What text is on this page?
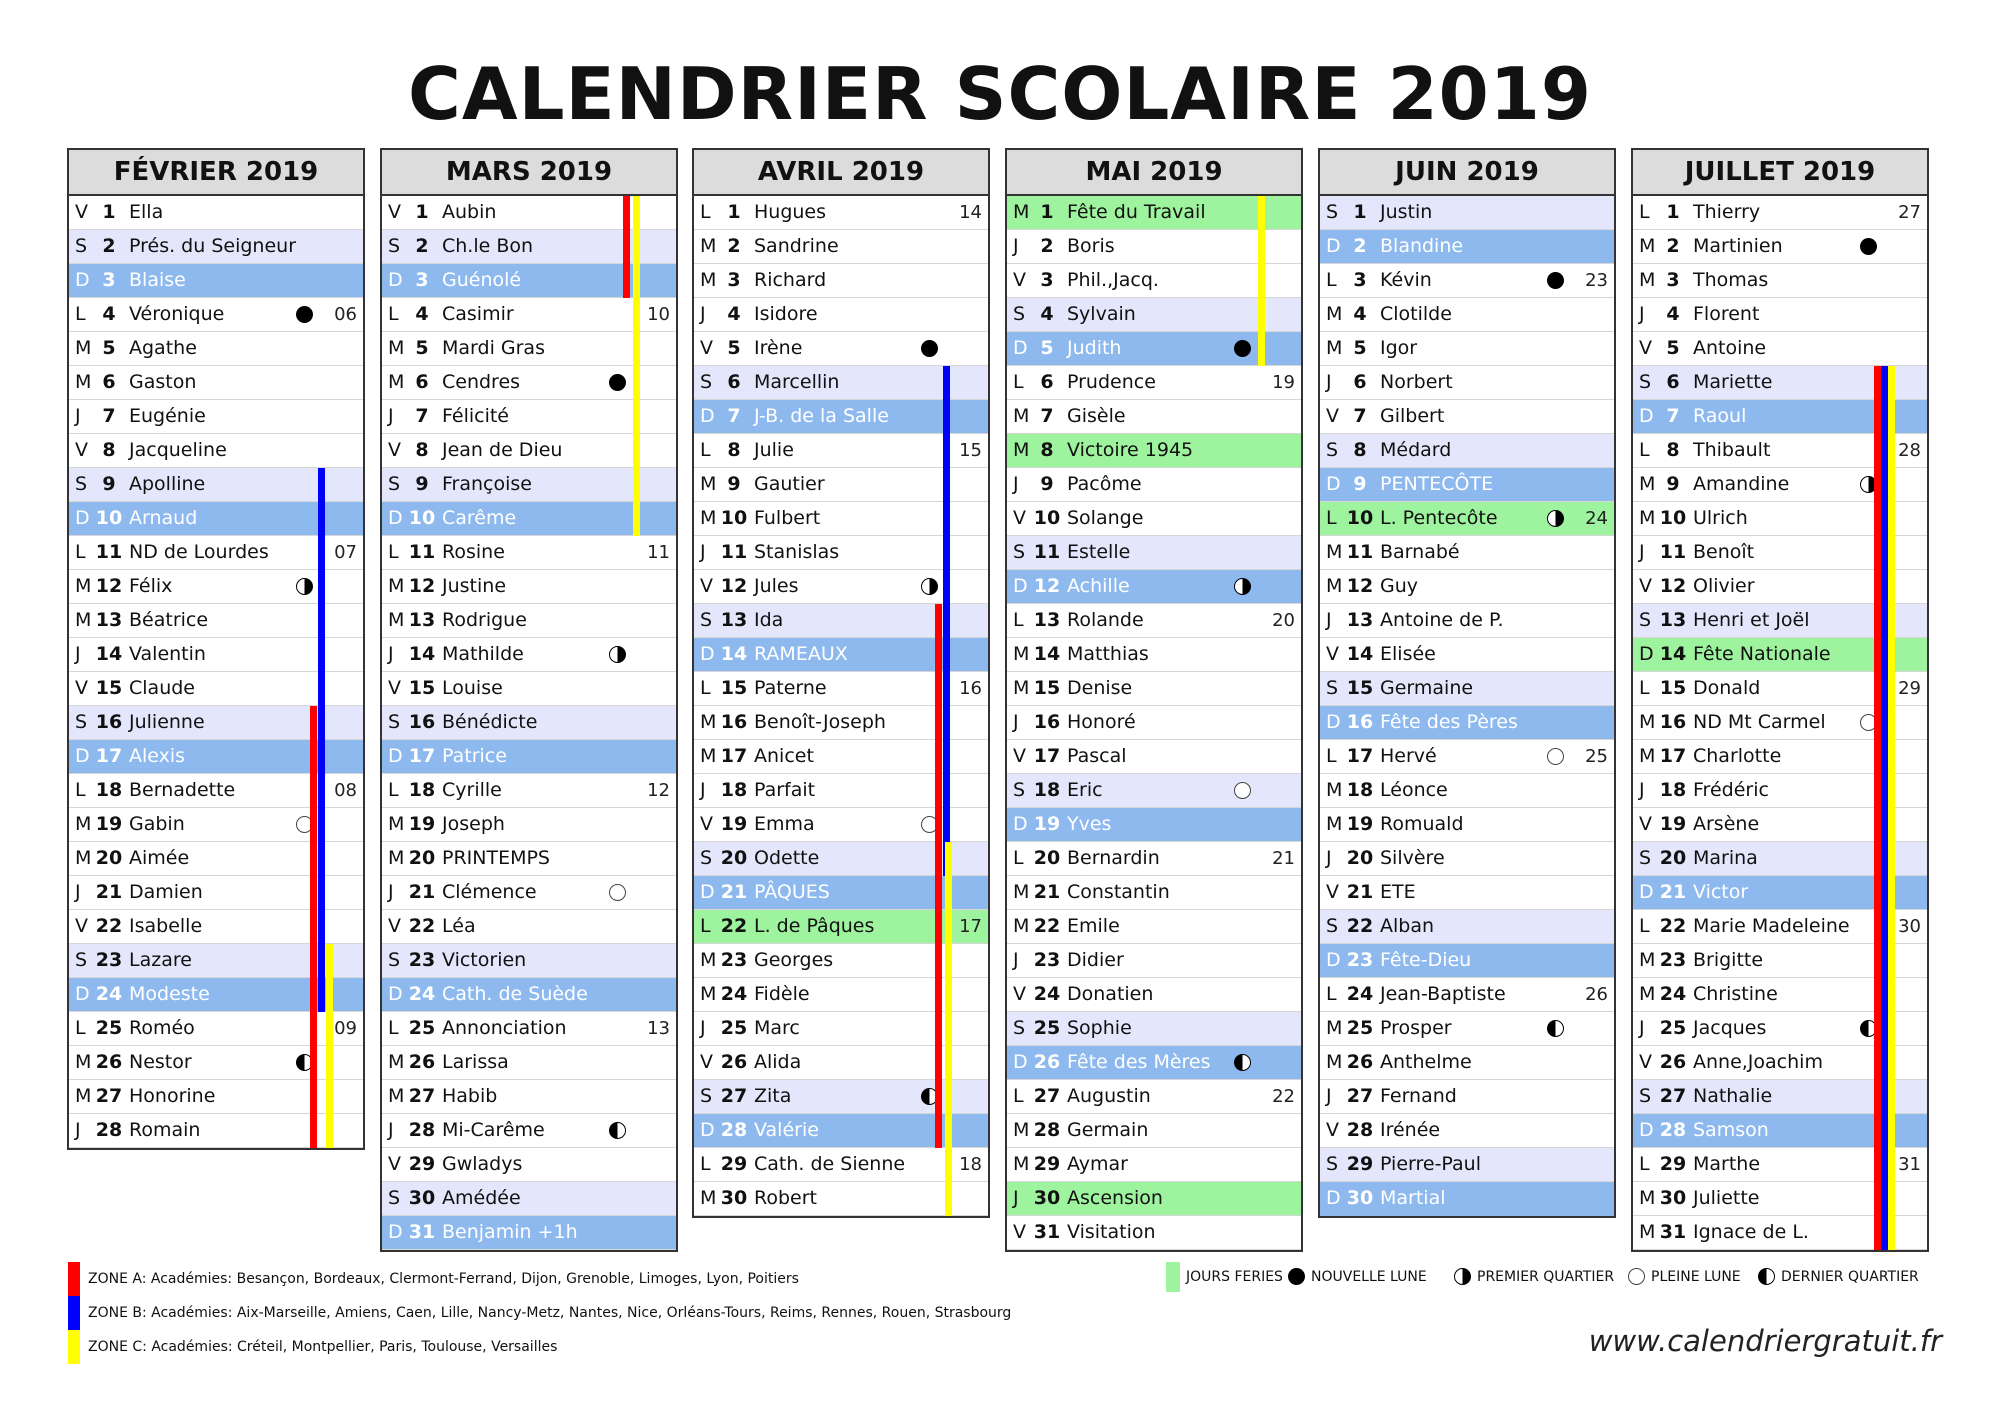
CALENDRIER SCOLAIRE 2019
FÉVRIER 2019
V 1 Ella
S 2 Prés. du Seigneur
D 3 Blaise
L 4 Véronique	06
M 5 Agathe
M 6 Gaston
J	7 Eugénie
V 8 Jacqueline
S 9 Apolline
D 10 Arnaud
L 11 ND de Lourdes	07
M 12 Félix
M 13 Béatrice
J 14 Valentin
V 15 Claude
S 16 Julienne
D 17 Alexis
L 18 Bernadette	08
M 19 Gabin
M 20 Aimée
J 21 Damien
V 22 Isabelle
S 23 Lazare
D 24 Modeste
L 25 Roméo	09
M 26 Nestor
M 27 Honorine
J 28 Romain
MARS 2019
V 1 Aubin
S 2 Ch.le Bon
D 3 Guénolé
L 4 Casimir	10
M 5 Mardi Gras
M 6 Cendres
J	7 Félicité
V 8 Jean de Dieu
S 9 Françoise
D 10 Carême
L 11 Rosine	11
M 12 Justine
M 13 Rodrigue
J 14 Mathilde
V 15 Louise
S 16 Bénédicte
D 17 Patrice
L 18 Cyrille	12
M 19 Joseph
M 20 PRINTEMPS
J 21 Clémence
V 22 Léa
S 23 Victorien
D 24 Cath. de Suède
L 25 Annonciation	13
M 26 Larissa
M 27 Habib
J 28 Mi-Carême
V 29 Gwladys
S 30 Amédée
D 31 Benjamin +1h
AVRIL 2019
L 1 Hugues	14
M 2 Sandrine
M 3 Richard
J	4 Isidore
V 5 Irène
S 6 Marcellin
D 7 J-B. de la Salle
L 8 Julie	15
M 9 Gautier
M 10 Fulbert
J 11 Stanislas
V 12 Jules
S 13 Ida
D 14 RAMEAUX
L 15 Paterne	16
M 16 Benoît-Joseph
M 17 Anicet
J 18 Parfait
V 19 Emma
S 20 Odette
D 21 PÂQUES
L 22 L. de Pâques	17
M 23 Georges
M 24 Fidèle
J 25 Marc
V 26 Alida
S 27 Zita
D 28 Valérie
L 29 Cath. de Sienne	18
M 30 Robert
MAI 2019
M 1 Fête du Travail
J	2 Boris
V 3 Phil.,Jacq.
S 4 Sylvain
D 5 Judith
L 6 Prudence	19
M 7 Gisèle
M 8 Victoire 1945
J	9 Pacôme
V 10 Solange
S 11 Estelle
D 12 Achille
L 13 Rolande	20
M 14 Matthias
M 15 Denise
J 16 Honoré
V 17 Pascal
S 18 Eric
D 19 Yves
L 20 Bernardin	21
M 21 Constantin
M 22 Emile
J 23 Didier
V 24 Donatien
S 25 Sophie
D 26 Fête des Mères
L 27 Augustin	22
M 28 Germain
M 29 Aymar
J 30 Ascension
V 31 Visitation
JUIN 2019
S 1 Justin
D 2 Blandine
L 3 Kévin	23
M 4 Clotilde
M 5 Igor
J	6 Norbert
V 7 Gilbert
S 8 Médard
D 9 PENTECÔTE
L 10 L. Pentecôte	24
M 11 Barnabé
M 12 Guy
J 13 Antoine de P.
V 14 Elisée
S 15 Germaine
D 16 Fête des Pères
L 17 Hervé	25
M 18 Léonce
M 19 Romuald
J 20 Silvère
V 21 ETE
S 22 Alban
D 23 Fête-Dieu
L 24 Jean-Baptiste	26
M 25 Prosper
M 26 Anthelme
J 27 Fernand
V 28 Irénée
S 29 Pierre-Paul
D 30 Martial
JUILLET 2019
L 1 Thierry	27
M 2 Martinien
M 3 Thomas
J	4 Florent
V 5 Antoine
S 6 Mariette
D 7 Raoul
L 8 Thibault	28
M 9 Amandine
M 10 Ulrich
J 11 Benoît
V 12 Olivier
S 13 Henri et Joël
D 14 Fête Nationale
L 15 Donald	29
M 16 ND Mt Carmel
M 17 Charlotte
J 18 Frédéric
V 19 Arsène
S 20 Marina
D 21 Victor
L 22 Marie Madeleine	30
M 23 Brigitte
M 24 Christine
J 25 Jacques
V 26 Anne,Joachim
S 27 Nathalie
D 28 Samson
L 29 Marthe	31
M 30 Juliette
M 31 Ignace de L.
ZONE A: Académies: Besançon, Bordeaux, Clermont-Ferrand, Dijon, Grenoble, Limoges, Lyon, Poitiers
ZONE B: Académies: Aix-Marseille, Amiens, Caen, Lille, Nancy-Metz, Nantes, Nice, Orléans-Tours, Reims, Rennes, Rouen, Strasbourg
ZONE C: Académies: Créteil, Montpellier, Paris, Toulouse, Versailles
JOURS FERIES	NOUVELLE LUNE	PREMIER QUARTIER	PLEINE LUNE	DERNIER QUARTIER
www.calendriergratuit.fr
